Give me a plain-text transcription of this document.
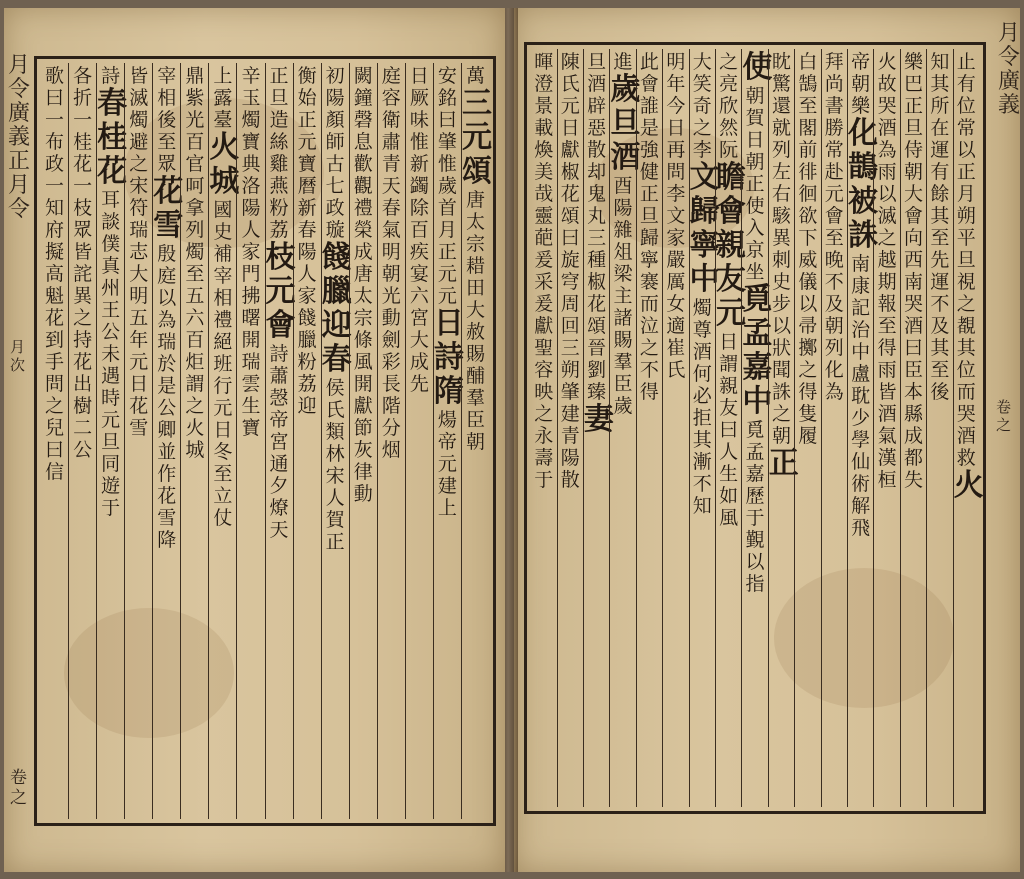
止
有
位
常
以
正
月
朔
平
旦
視
之
覩
其
位
而
哭
酒
救
火
知
其
所
在
運
有
餘
其
至
先
運
不
及
其
至
後
樂
巴
正
旦
侍
朝
大
會
向
西
南
哭
酒
曰
臣
本
縣
成
都
失
火
故
哭
酒
為
雨
以
滅
之
越
期
報
至
得
雨
皆
酒
氣
漢
桓
帝
朝
樂
化
鵲
被
誅
南
康
記
治
中
盧
耽
少
學
仙
術
解
飛
拜
尚
書
勝
常
赴
元
會
至
晚
不
及
朝
列
化
為
白
鵠
至
閣
前
徘
徊
欲
下
威
儀
以
帚
擲
之
得
隻
履
眈
驚
還
就
列
左
右
駭
異
刺
史
步
以
狀
聞
誅
之
朝
正
使
朝
賀
日
朝
正
使
入
京
坐
覓
孟
嘉
中
覓
孟
嘉
歷
于
覲
以
指
之
亮
欣
然
阮
瞻
會
親
友
元
日
謂
親
友
曰
人
生
如
風
大
笑
奇
之
李
文
歸
寧
中
燭
尊
酒
何
必
拒
其
漸
不
知
明
年
今
日
再
問
李
文
家
嚴
厲
女
適
崔
氏
此
會
誰
是
強
健
正
旦
歸
寧
褰
而
泣
之
不
得
進
歲
旦
酒
酉
陽
雜
俎
梁
主
諸
賜
羣
臣
歲
旦
酒
辟
惡
散
却
鬼
丸
三
種
椒
花
頌
晉
劉
臻
妻
陳
氏
元
日
獻
椒
花
頌
曰
旋
穹
周
回
三
朔
肇
建
青
陽
散
暉
澄
景
載
煥
美
哉
靈
葩
爰
采
爰
獻
聖
容
映
之
永
壽
于
月
令
廣
義
卷
之
萬
三
元
頌
唐
太
宗
耤
田
大
赦
賜
酺
羣
臣
朝
安
銘
曰
肇
惟
歲
首
月
正
元
元
日
詩
隋
煬
帝
元
建
上
日
厥
味
惟
新
蠲
除
百
疾
宴
六
宮
大
成
先
庭
容
衛
肅
青
天
春
氣
明
朝
光
動
劍
彩
長
階
分
烟
闕
鐘
磬
息
歡
觀
禮
榮
成
唐
太
宗
條
風
開
獻
節
灰
律
動
初
陽
顏
師
古
七
政
璇
餞
臘
迎
春
侯
氏
類
林
宋
人
賀
正
衡
始
正
元
寶
曆
新
春
陽
人
家
餞
臘
粉
荔
迎
正
旦
造
絲
雞
燕
粉
荔
枝
元
會
詩
蕭
愨
帝
宮
通
夕
燎
天
辛
玉
燭
寶
典
洛
陽
人
家
門
拂
曙
開
瑞
雲
生
寶
上
露
臺
火
城
國
史
補
宰
相
禮
絕
班
行
元
日
冬
至
立
仗
鼎
紫
光
百
官
呵
拿
列
燭
至
五
六
百
炬
謂
之
火
城
宰
相
後
至
眾
花
雪
殷
庭
以
為
瑞
於
是
公
卿
並
作
花
雪
降
皆
滅
燭
避
之
宋
符
瑞
志
大
明
五
年
元
日
花
雪
詩
春
桂
花
耳
談
僕
真
州
王
公
未
遇
時
元
旦
同
遊
于
各
折
一
桂
花
一
枝
眾
皆
詫
異
之
持
花
出
樹
二
公
歌
曰
一
布
政
一
知
府
擬
高
魁
花
到
手
問
之
兒
曰
信
月
令
廣
義
正
月
令
月
次
卷
之
